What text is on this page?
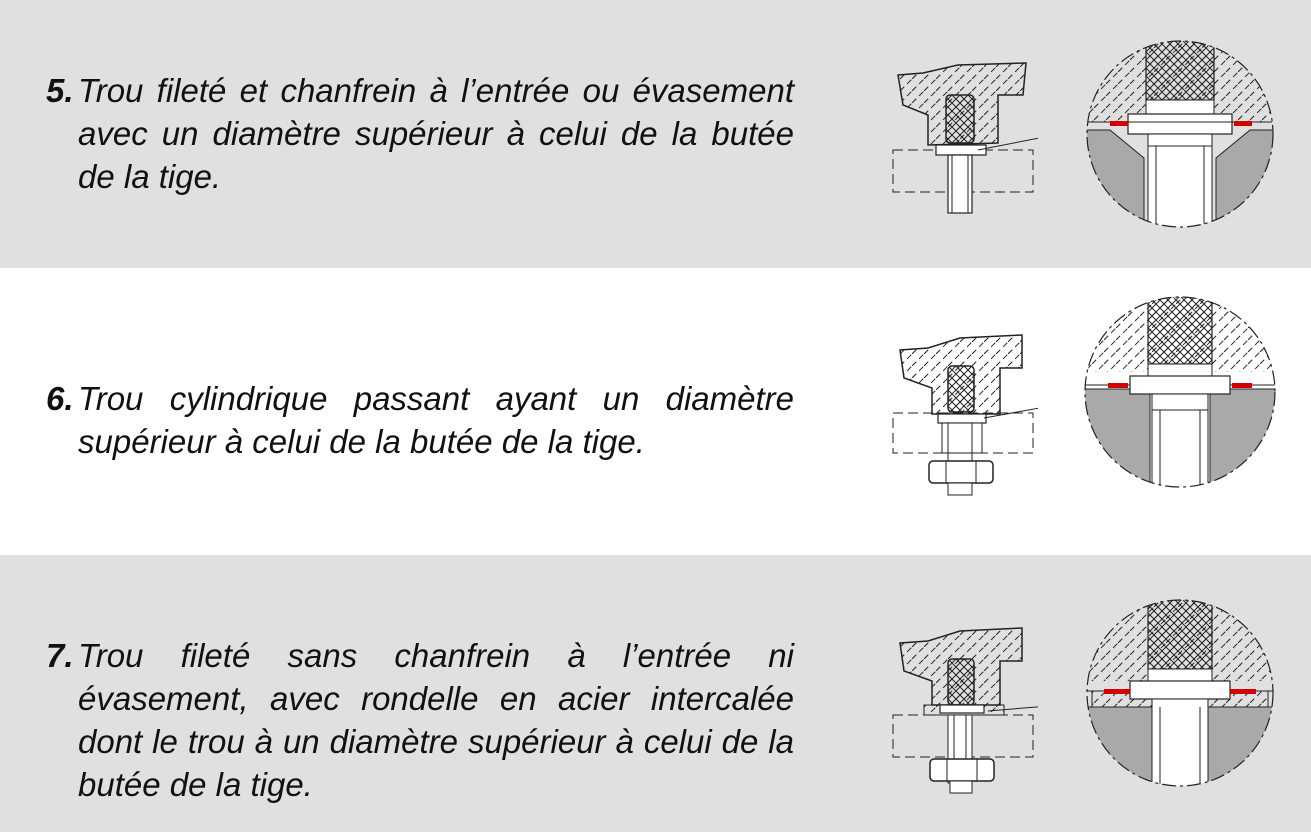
5. Trou fileté et chanfrein à l’entrée ou évasement avec un diamètre supérieur à celui de la butée de la tige.
6. Trou cylindrique passant ayant un diamètre supérieur à celui de la butée de la tige.
7. Trou fileté sans chanfrein à l’entrée ni évasement, avec rondelle en acier intercalée dont le trou à un diamètre supérieur à celui de la butée de la tige.
